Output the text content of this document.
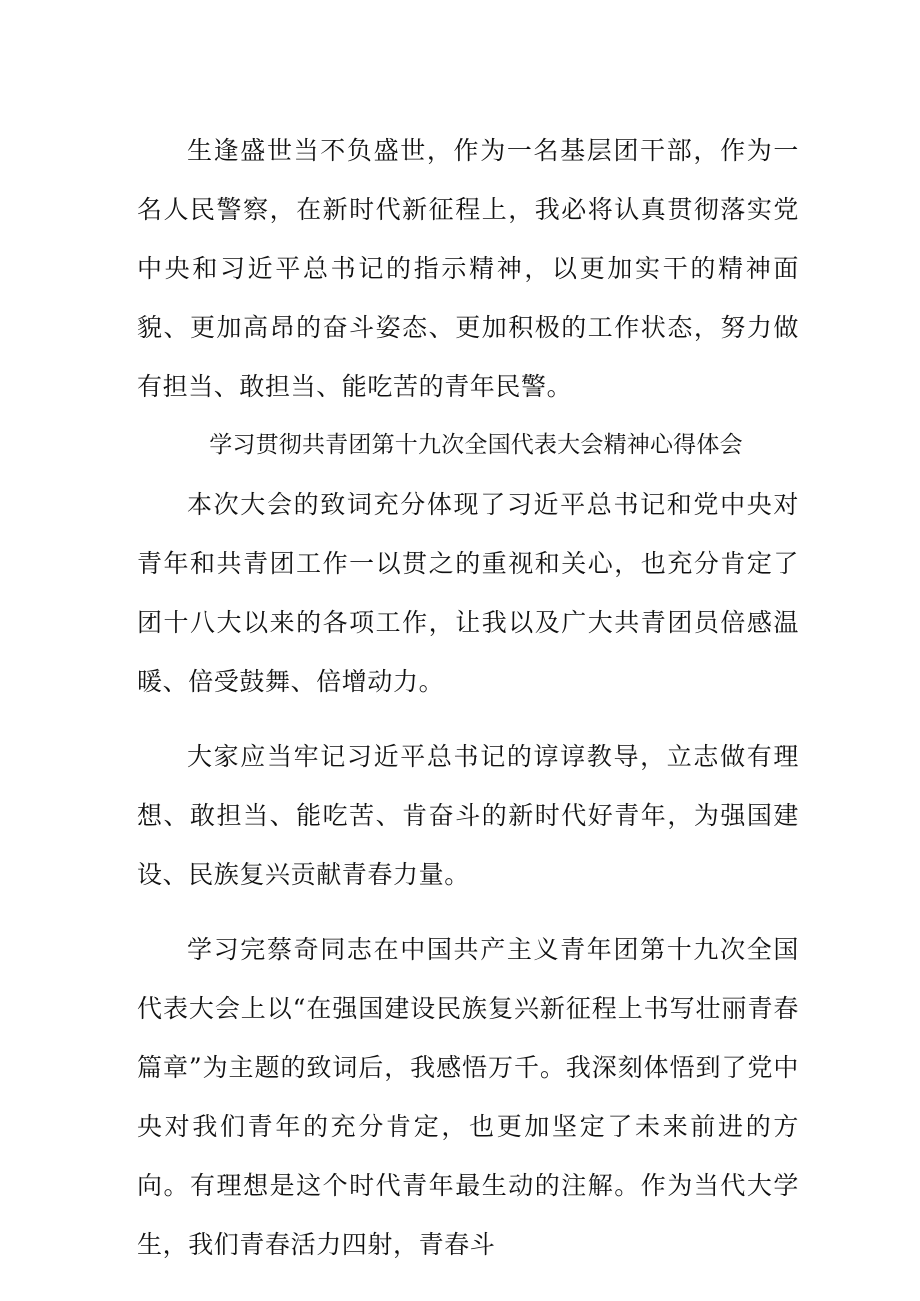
生逢盛世当不负盛世，作为一名基层团干部，作为一名人民警察，在新时代新征程上，我必将认真贯彻落实党中央和习近平总书记的指示精神，以更加实干的精神面貌、更加高昂的奋斗姿态、更加积极的工作状态，努力做有担当、敢担当、能吃苦的青年民警。

学习贯彻共青团第十九次全国代表大会精神心得体会

本次大会的致词充分体现了习近平总书记和党中央对青年和共青团工作一以贯之的重视和关心，也充分肯定了团十八大以来的各项工作，让我以及广大共青团员倍感温暖、倍受鼓舞、倍增动力。

大家应当牢记习近平总书记的谆谆教导，立志做有理想、敢担当、能吃苦、肯奋斗的新时代好青年，为强国建设、民族复兴贡献青春力量。

学习完蔡奇同志在中国共产主义青年团第十九次全国代表大会上以“在强国建设民族复兴新征程上书写壮丽青春篇章”为主题的致词后，我感悟万千。我深刻体悟到了党中央对我们青年的充分肯定，也更加坚定了未来前进的方向。有理想是这个时代青年最生动的注解。作为当代大学生，我们青春活力四射，青春斗
